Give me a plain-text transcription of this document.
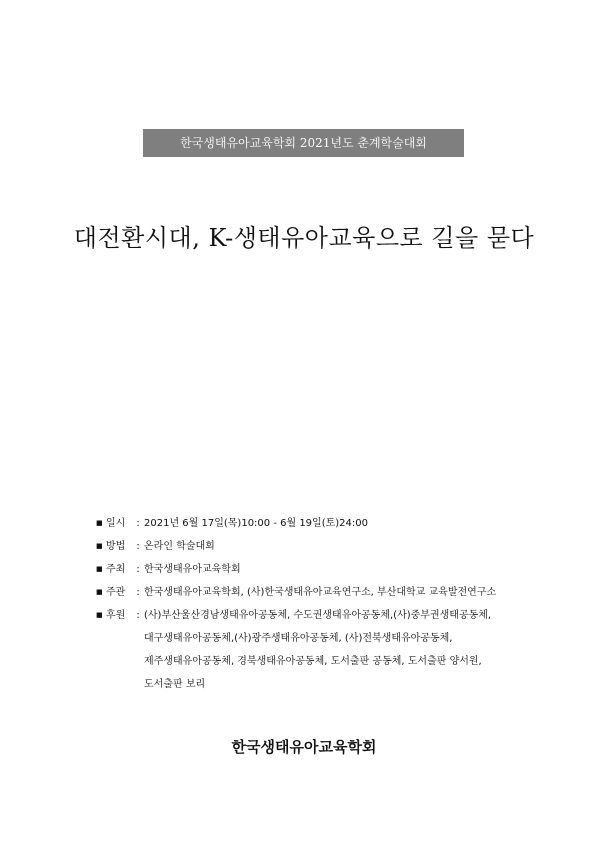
한국생태유아교육학회 2021년도 춘계학술대회
대전환시대, K-생태유아교육으로 길을 묻다
■ 일시	: 2021년 6월 17일(목)10:00 - 6월 19일(토)24:00
■ 방법	: 온라인 학술대회
■ 주최	: 한국생태유아교육학회
■ 주관	: 한국생태유아교육학회, (사)한국생태유아교육연구소, 부산대학교 교육발전연구소
■ 후원	: (사)부산울산경남생태유아공동체, 수도권생태유아공동체,(사)중부권생태공동체,
대구생태유아공동체,(사)광주생태유아공동체, (사)전북생태유아공동체,
제주생태유아공동체, 경북생태유아공동체, 도서출판 공동체, 도서출판 양서원,
도서출판 보리
한국생태유아교육학회
